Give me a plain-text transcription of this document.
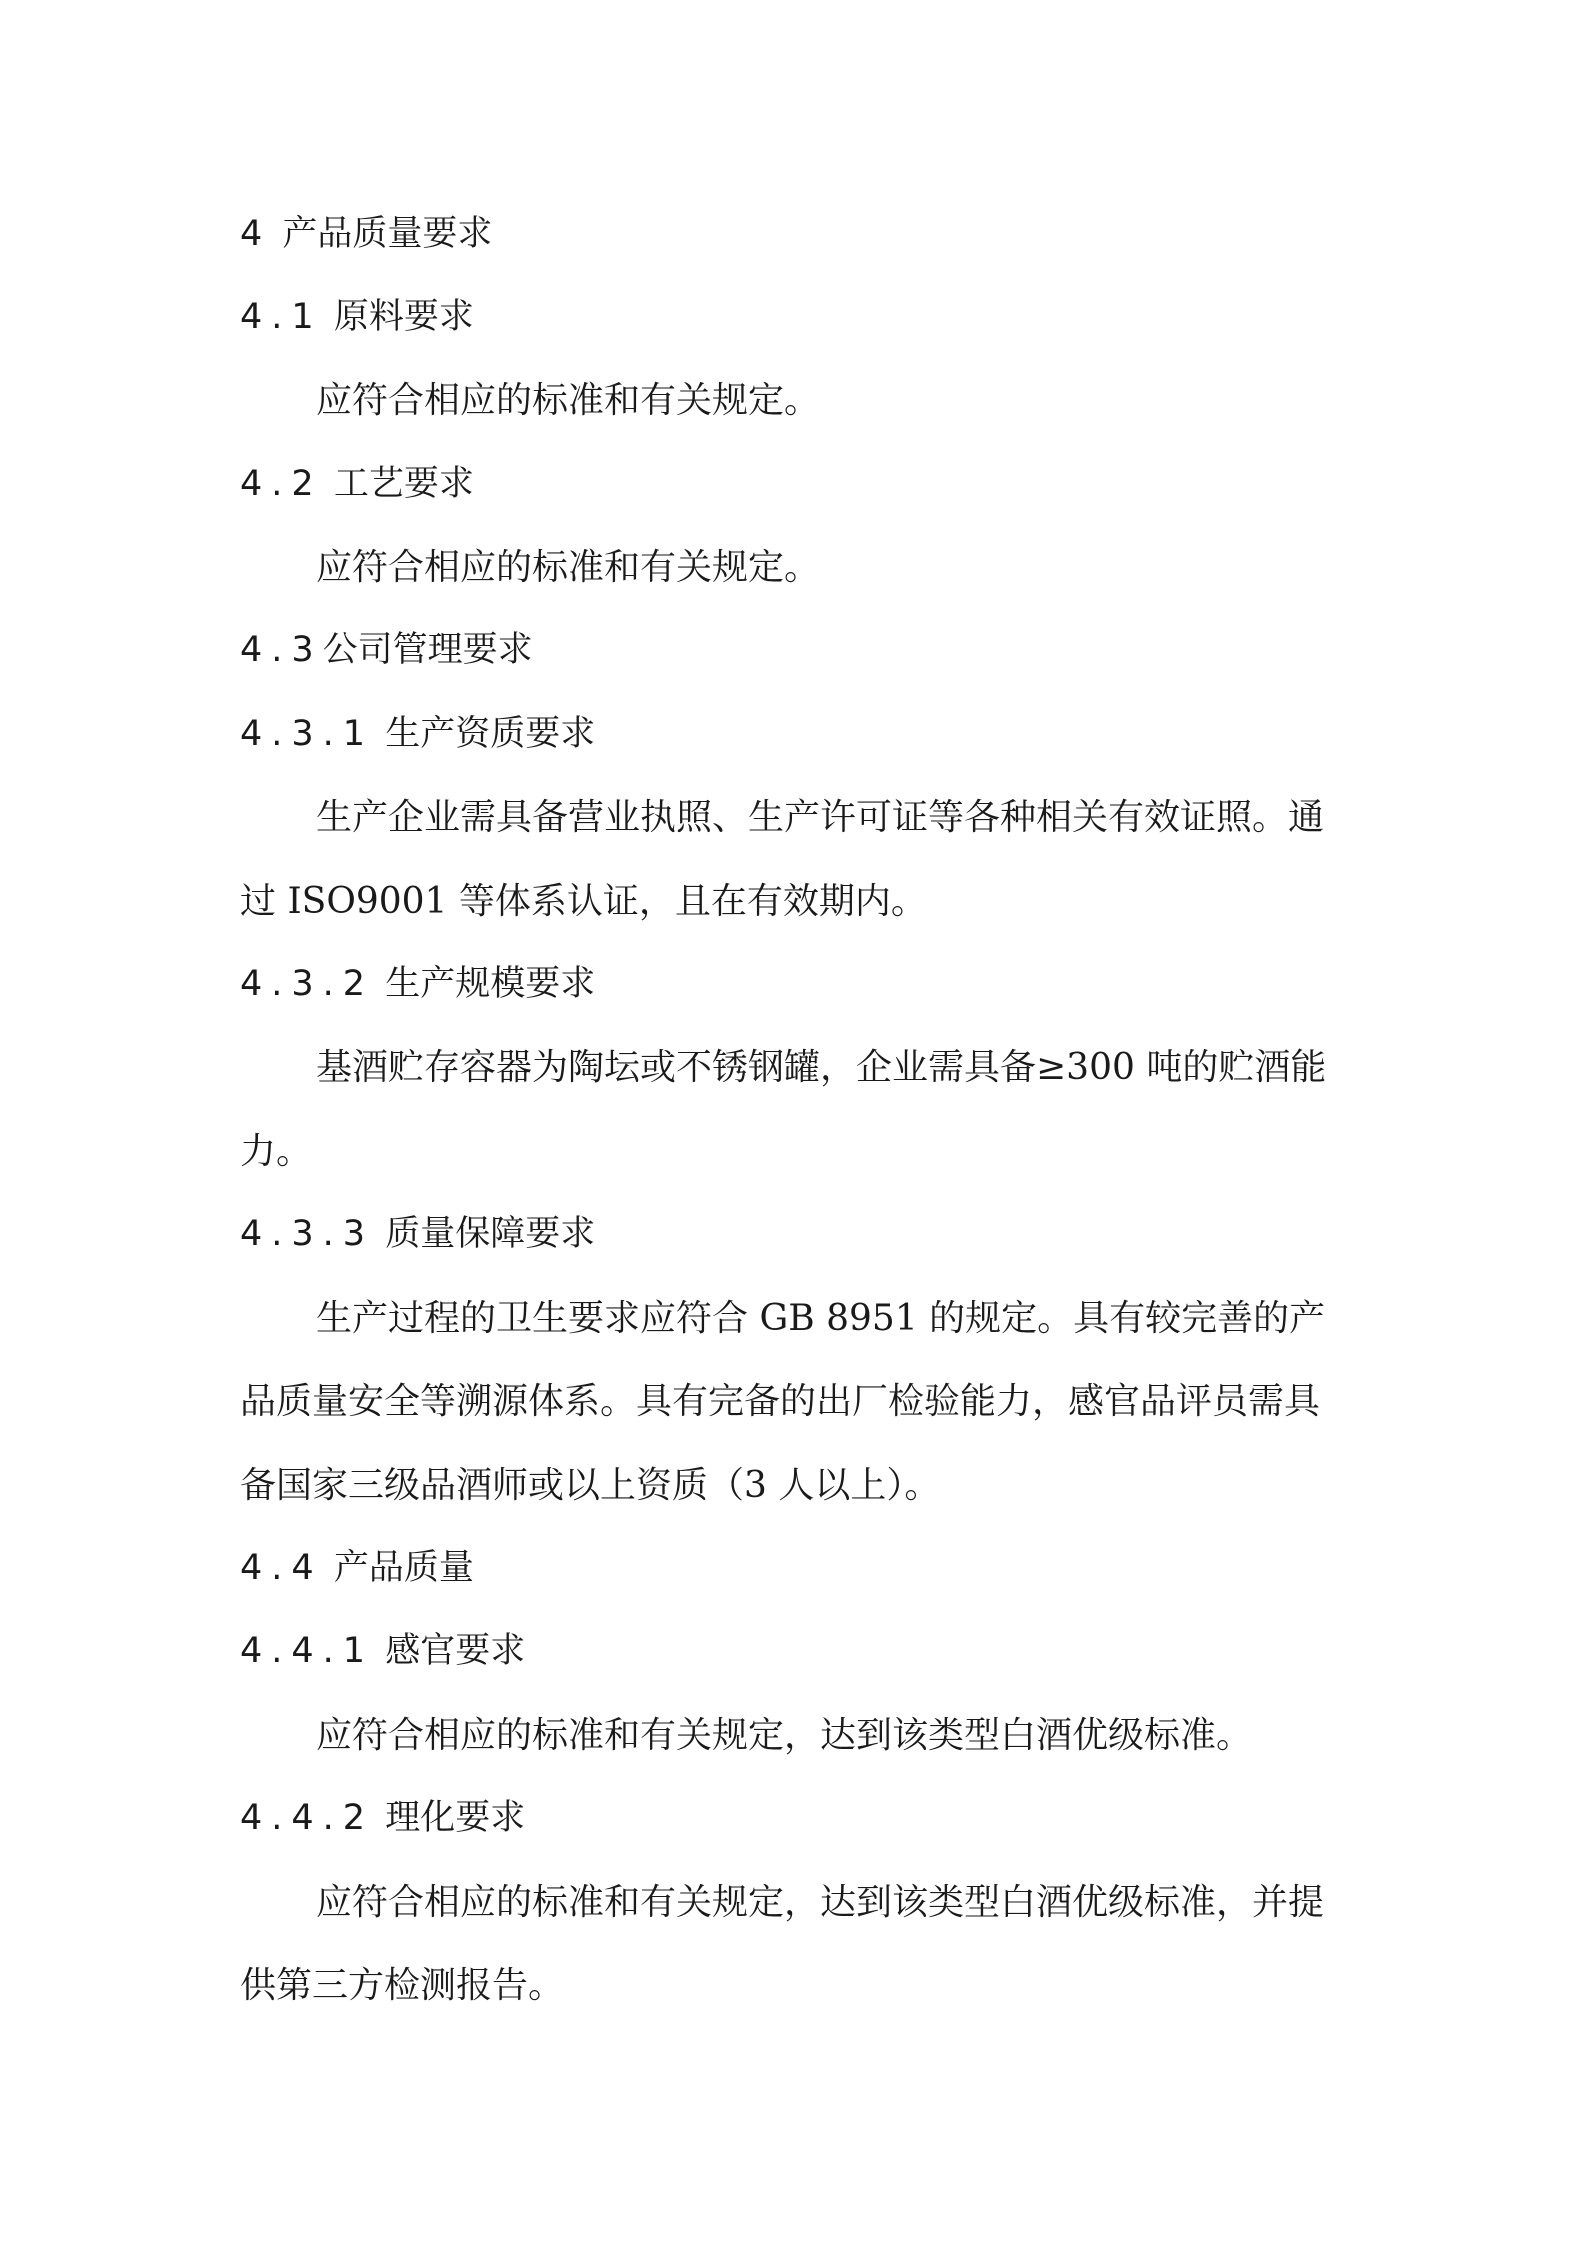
4 产品质量要求
4.1 原料要求
应符合相应的标准和有关规定。
4.2 工艺要求
应符合相应的标准和有关规定。
4.3公司管理要求
4.3.1 生产资质要求
生产企业需具备营业执照、生产许可证等各种相关有效证照。通
过 ISO9001 等体系认证，且在有效期内。
4.3.2 生产规模要求
基酒贮存容器为陶坛或不锈钢罐，企业需具备≥300 吨的贮酒能
力。
4.3.3 质量保障要求
生产过程的卫生要求应符合 GB 8951 的规定。具有较完善的产
品质量安全等溯源体系。具有完备的出厂检验能力，感官品评员需具
备国家三级品酒师或以上资质（3 人以上）。
4.4 产品质量
4.4.1 感官要求
应符合相应的标准和有关规定，达到该类型白酒优级标准。
4.4.2 理化要求
应符合相应的标准和有关规定，达到该类型白酒优级标准，并提
供第三方检测报告。
